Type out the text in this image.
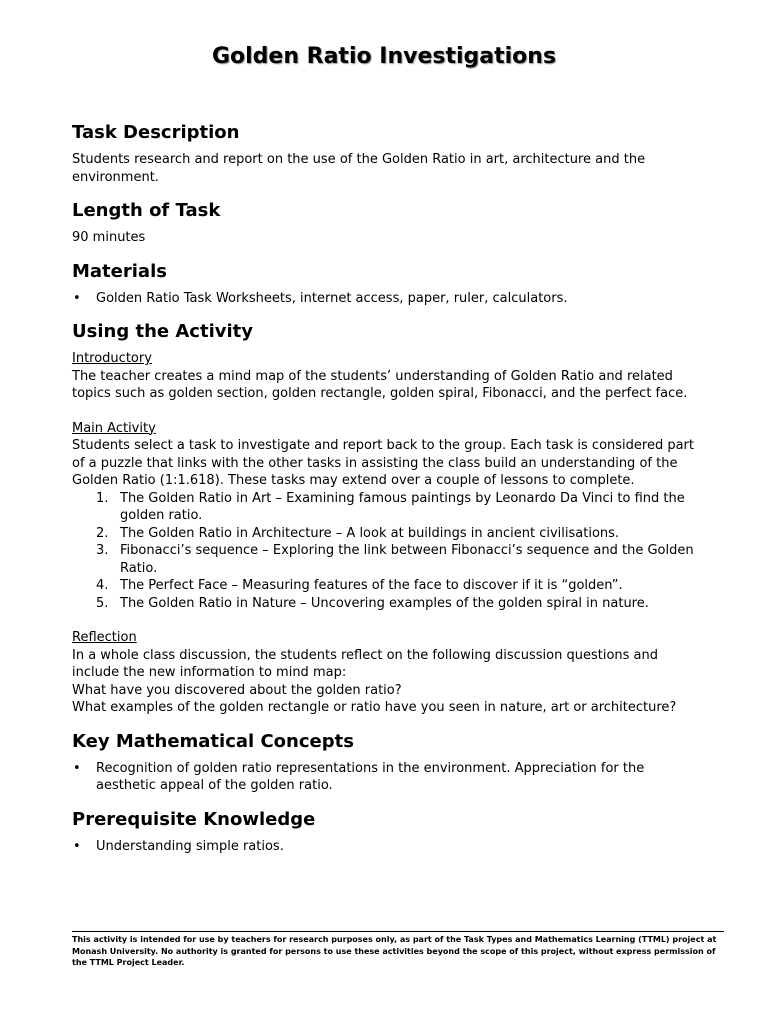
Golden Ratio Investigations
Task Description

Students research and report on the use of the Golden Ratio in art, architecture and the environment.

Length of Task

90 minutes

Materials
• Golden Ratio Task Worksheets, internet access, paper, ruler, calculators.
Using the Activity
Introductory

The teacher creates a mind map of the students’ understanding of Golden Ratio and related topics such as golden section, golden rectangle, golden spiral, Fibonacci, and the perfect face.

Main Activity

Students select a task to investigate and report back to the group. Each task is considered part of a puzzle that links with the other tasks in assisting the class build an understanding of the Golden Ratio (1:1.618). These tasks may extend over a couple of lessons to complete.

1. The Golden Ratio in Art – Examining famous paintings by Leonardo Da Vinci to find the golden ratio.
2. The Golden Ratio in Architecture – A look at buildings in ancient civilisations.
3. Fibonacci’s sequence – Exploring the link between Fibonacci’s sequence and the Golden Ratio.
4. The Perfect Face – Measuring features of the face to discover if it is “golden”.
5. The Golden Ratio in Nature – Uncovering examples of the golden spiral in nature.
Reflection

In a whole class discussion, the students reflect on the following discussion questions and include the new information to mind map:

What have you discovered about the golden ratio?

What examples of the golden rectangle or ratio have you seen in nature, art or architecture?

Key Mathematical Concepts
• Recognition of golden ratio representations in the environment. Appreciation for the aesthetic appeal of the golden ratio.
Prerequisite Knowledge
• Understanding simple ratios.
This activity is intended for use by teachers for research purposes only, as part of the Task Types and Mathematics Learning (TTML) project at Monash University. No authority is granted for persons to use these activities beyond the scope of this project, without express permission of the TTML Project Leader.
